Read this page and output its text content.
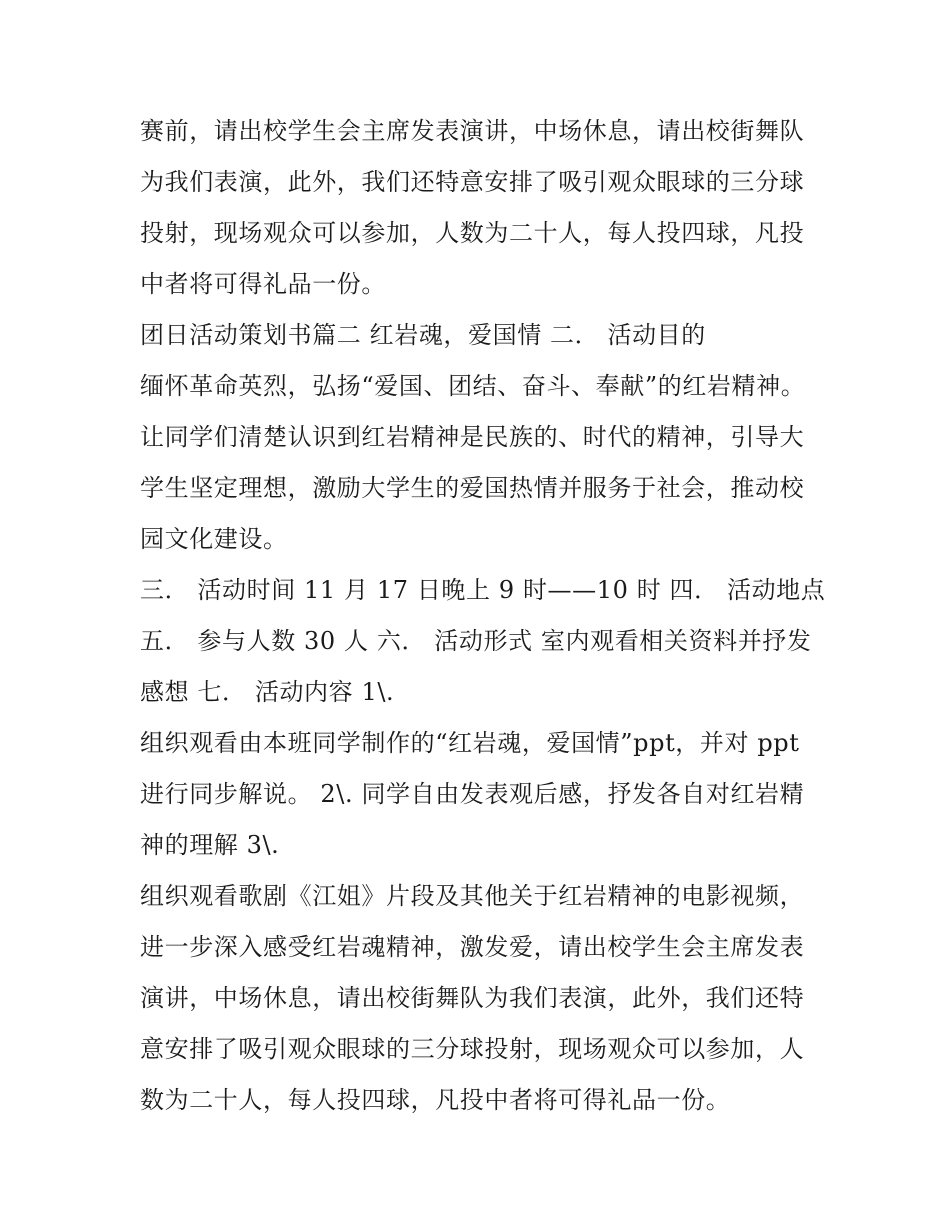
赛前，请出校学生会主席发表演讲，中场休息，请出校街舞队
为我们表演，此外，我们还特意安排了吸引观众眼球的三分球
投射，现场观众可以参加，人数为二十人，每人投四球，凡投
中者将可得礼品一份。
团日活动策划书篇二 红岩魂，爱国情 二． 活动目的
缅怀革命英烈，弘扬“爱国、团结、奋斗、奉献”的红岩精神。
让同学们清楚认识到红岩精神是民族的、时代的精神，引导大
学生坚定理想，激励大学生的爱国热情并服务于社会，推动校
园文化建设。
三． 活动时间 11 月 17 日晚上 9 时——10 时 四． 活动地点
五． 参与人数 30 人 六． 活动形式 室内观看相关资料并抒发
感想 七． 活动内容 1\.
组织观看由本班同学制作的“红岩魂，爱国情”ppt，并对 ppt
进行同步解说。 2\. 同学自由发表观后感，抒发各自对红岩精
神的理解 3\.
组织观看歌剧《江姐》片段及其他关于红岩精神的电影视频，
进一步深入感受红岩魂精神，激发爱，请出校学生会主席发表
演讲，中场休息，请出校街舞队为我们表演，此外，我们还特
意安排了吸引观众眼球的三分球投射，现场观众可以参加，人
数为二十人，每人投四球，凡投中者将可得礼品一份。
